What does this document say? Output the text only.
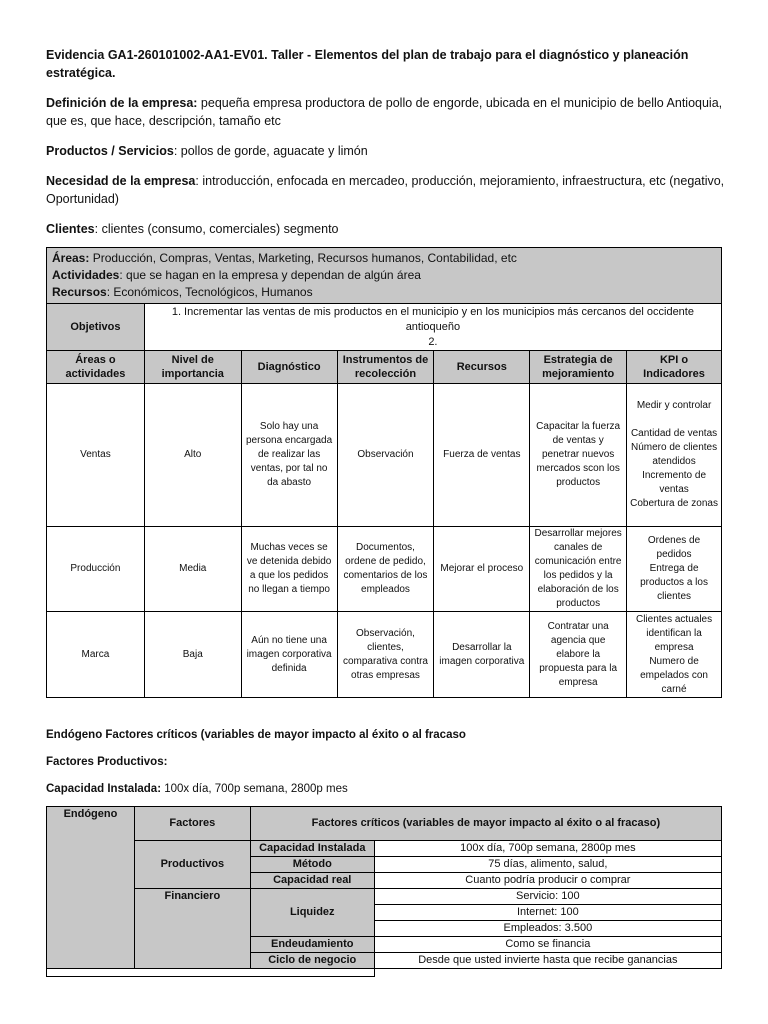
Evidencia GA1-260101002-AA1-EV01. Taller - Elementos del plan de trabajo para el diagnóstico y planeación estratégica.

Definición de la empresa: pequeña empresa productora de pollo de engorde, ubicada en el municipio de bello Antioquia, que es, que hace, descripción, tamaño etc

Productos / Servicios: pollos de gorde, aguacate y limón

Necesidad de la empresa: introducción, enfocada en mercadeo, producción, mejoramiento, infraestructura, etc (negativo, Oportunidad)

Clientes: clientes (consumo, comerciales) segmento

Áreas: Producción, Compras, Ventas, Marketing, Recursos humanos, Contabilidad, etc
Actividades: que se hagan en la empresa y dependan de algún área
Recursos: Económicos, Tecnológicos, Humanos						

Objetivos	1. Incrementar las ventas de mis productos en el municipio y en los municipios más cercanos del occidente antioqueño
2.					

Áreas o actividades	Nivel de importancia	Diagnóstico	Instrumentos de recolección	Recursos	Estrategia de mejoramiento	KPI o Indicadores
Ventas	Alto	Solo hay una persona encargada de realizar las ventas, por tal no da abasto	Observación	Fuerza de ventas	Capacitar la fuerza de ventas y penetrar nuevos mercados scon los productos	Medir y controlar
Cantidad de ventas
Número de clientes atendidos
Incremento de ventas
Cobertura de zonas

Producción	Media	Muchas veces se ve detenida debido a que los pedidos no llegan a tiempo	Documentos, ordene de pedido, comentarios de los empleados	Mejorar el proceso	Desarrollar mejores canales de comunicación entre los pedidos y la elaboración de los productos	Ordenes de pedidos
Entrega de productos a los clientes

Marca	Baja	Aún no tiene una imagen corporativa definida	Observación, clientes, comparativa contra otras empresas	Desarrollar la imagen corporativa	Contratar una agencia que elabore la propuesta para la empresa	Clientes actuales identifican la empresa
Numero de empelados con carné

Endógeno Factores críticos (variables de mayor impacto al éxito o al fracaso

Factores Productivos:

Capacidad Instalada: 100x día, 700p semana, 2800p mes

Endógeno	Factores	Factores críticos (variables de mayor impacto al éxito o al fracaso)	
	Productivos	Capacidad Instalada	100x día, 700p semana, 2800p mes
		Método	75 días, alimento, salud,
		Capacidad real	Cuanto podría producir o comprar
	Financiero	Liquidez	Servicio: 100
			Internet: 100
			Empleados: 3.500
		Endeudamiento	Como se financia
		Ciclo de negocio	Desde que usted invierte hasta que recibe ganancias
